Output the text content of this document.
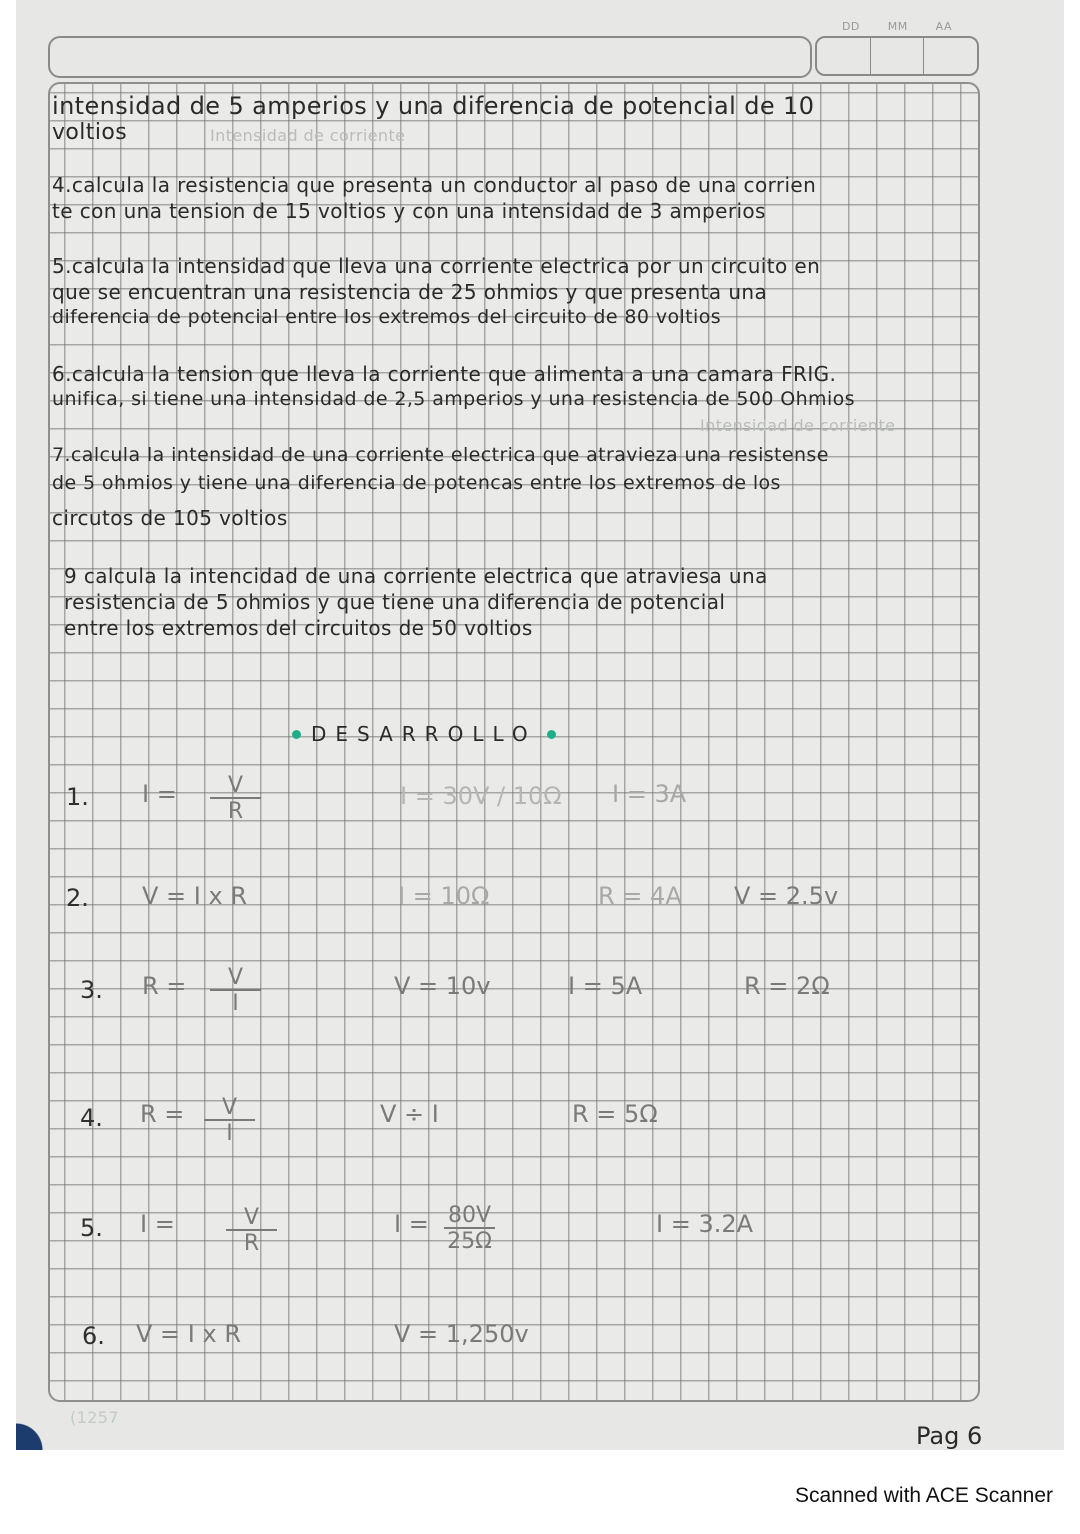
DD	MM	AA
intensidad de 5 amperios y una diferencia de potencial de 10
voltios	Intensidad de corriente
4.calcula la resistencia que presenta un conductor al paso de una corrien
te con una tension de 15 voltios y con una intensidad de 3 amperios
5.calcula la intensidad que lleva una corriente electrica por un circuito en
que se encuentran una resistencia de 25 ohmios y que presenta una
diferencia de potencial entre los extremos del circuito de 80 voltios
6.calcula la tension que lleva la corriente que alimenta a una camara FRIG.
unifica, si tiene una intensidad de 2,5 amperios y una resistencia de 500 Ohmios
Intensidad de corriente
7.calcula la intensidad de una corriente electrica que atravieza una resistense
de 5 ohmios y tiene una diferencia de potencas entre los extremos de los
circutos de 105 voltios
9 calcula la intencidad de una corriente electrica que atraviesa una
resistencia de 5 ohmios y que tiene una diferencia de potencial
entre los extremos del circuitos de 50 voltios
DESARROLLO
1. $I = \frac{V}{R}$	I = 30V / 10Ω I = 3A
2. V = I x R	I = 10Ω	R = 4A V = 2.5v
3. $R = \frac{V}{I}$	V = 10v	I = 5A	R = 2Ω
4. $R = \frac{V}{I}$	V ÷ I	R = 5Ω
5. $I = \frac{V}{R}$	$I = \frac{80V}{25\Omega}$	I = 3.2A
6. V = I x R	V = 1,250v
(1257
Pag 6
Scanned with ACE Scanner
